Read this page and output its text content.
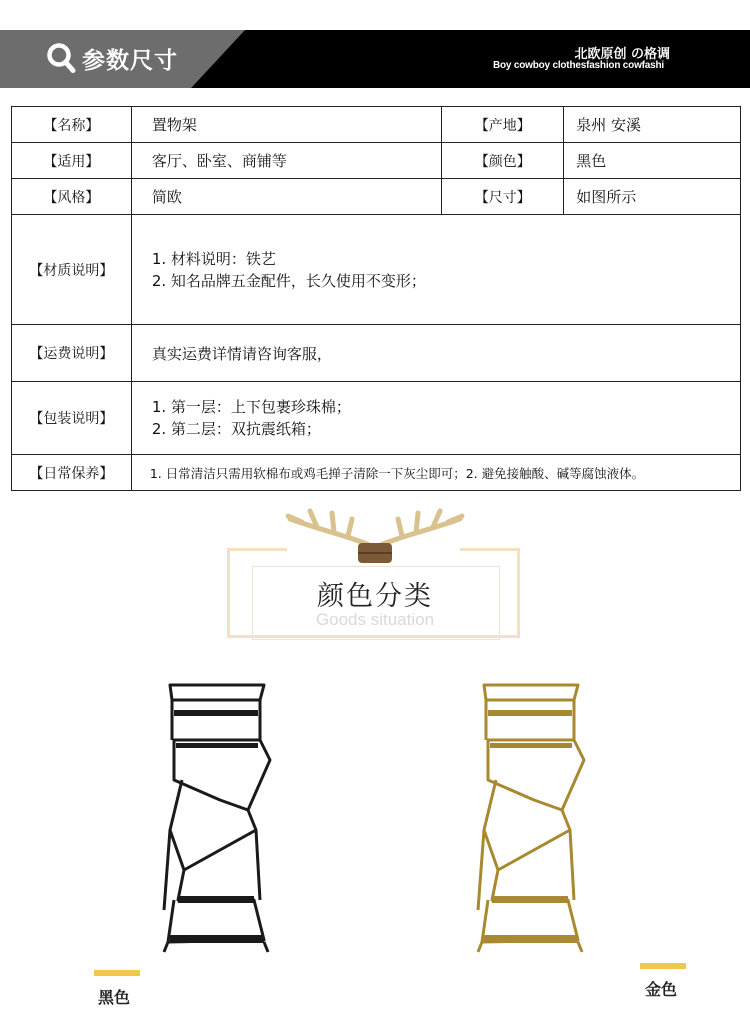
参数尺寸	北欧原创 の格调
Boy cowboy clothesfashion cowfashi
【名称】	置物架	【产地】	泉州 安溪
【适用】	客厅、卧室、商铺等	【颜色】	黑色
【风格】	简欧	【尺寸】	如图所示
【材质说明】	1. 材料说明：铁艺
2. 知名品牌五金配件，长久使用不变形；		

【运费说明】	真实运费详情请咨询客服，		
【包装说明】	1. 第一层：上下包裹珍珠棉；
2. 第二层：双抗震纸箱；		

【日常保养】	1. 日常清洁只需用软棉布或鸡毛掸子清除一下灰尘即可；2. 避免接触酸、碱等腐蚀液体。		
颜色分类
Goods situation
黑色	金色
